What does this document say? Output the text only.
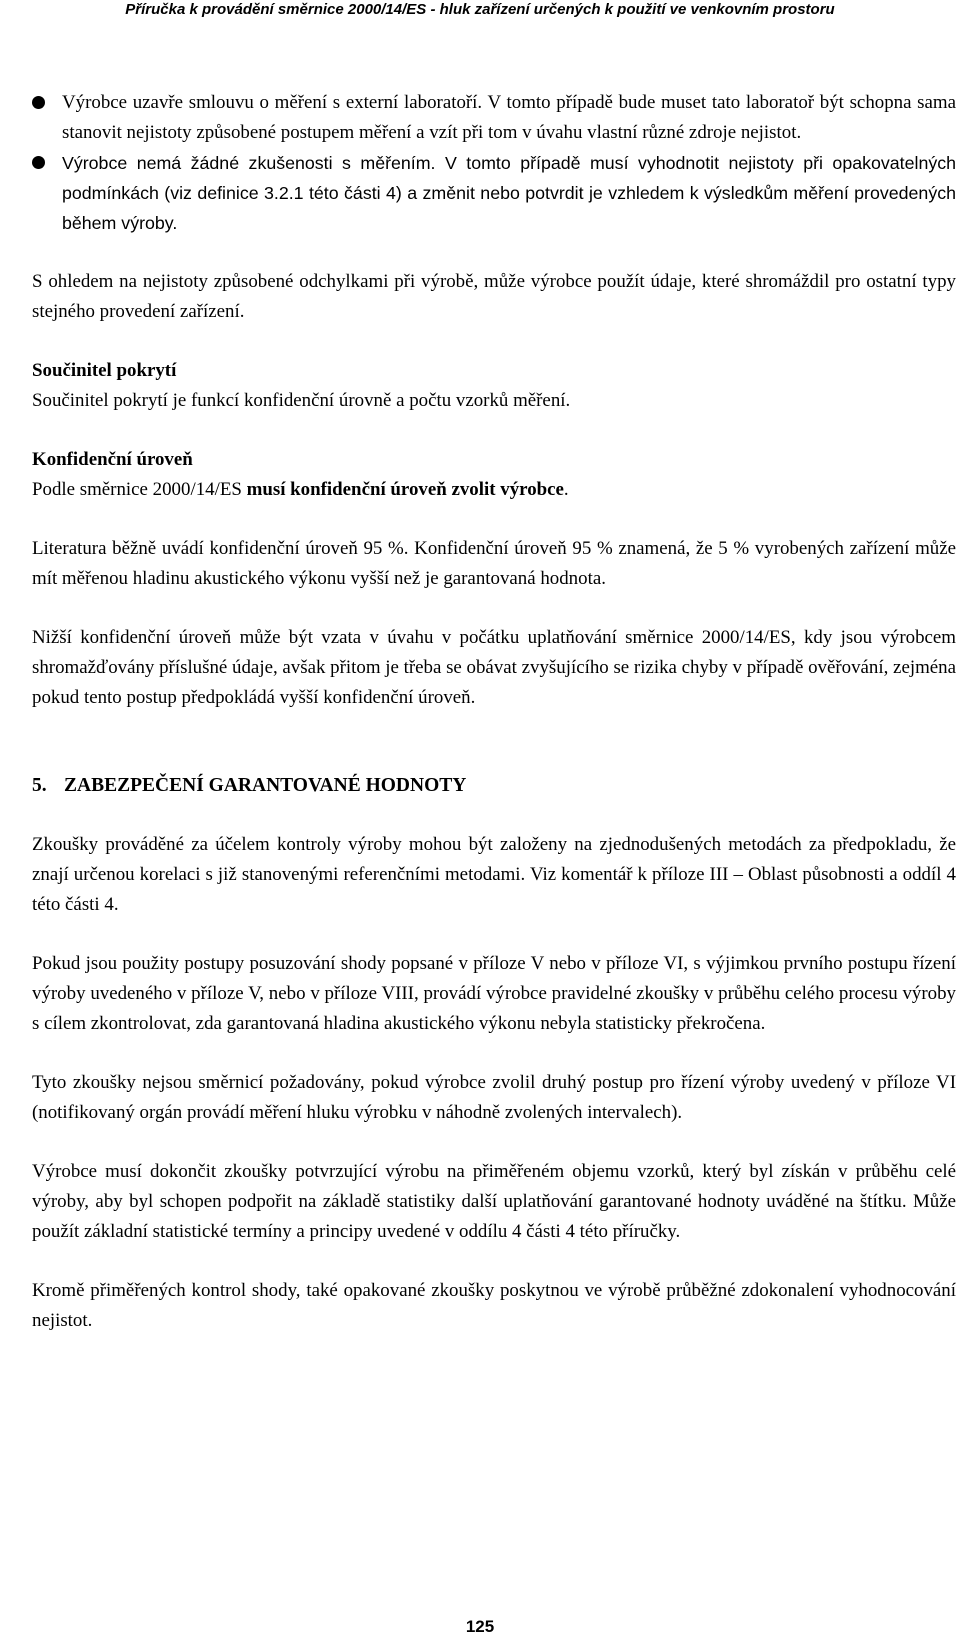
Příručka k provádění směrnice 2000/14/ES - hluk zařízení určených k použití ve venkovním prostoru
Výrobce uzavře smlouvu o měření s externí laboratoří. V tomto případě bude muset tato laboratoř být schopna sama stanovit nejistoty způsobené postupem měření a vzít při tom v úvahu vlastní různé zdroje nejistot.
Výrobce nemá žádné zkušenosti s měřením. V tomto případě musí vyhodnotit nejistoty při opakovatelných podmínkách (viz definice 3.2.1 této části 4) a změnit nebo potvrdit je vzhledem k výsledkům měření provedených během výroby.

S ohledem na nejistoty způsobené odchylkami při výrobě, může výrobce použít údaje, které shromáždil pro ostatní typy stejného provedení zařízení.

Součinitel pokrytí

Součinitel pokrytí je funkcí konfidenční úrovně a počtu vzorků měření.

Konfidenční úroveň

Podle směrnice 2000/14/ES musí konfidenční úroveň zvolit výrobce.

Literatura běžně uvádí konfidenční úroveň 95 %. Konfidenční úroveň 95 % znamená, že 5 % vyrobených zařízení může mít měřenou hladinu akustického výkonu vyšší než je garantovaná hodnota.

Nižší konfidenční úroveň může být vzata v úvahu v počátku uplatňování směrnice 2000/14/ES, kdy jsou výrobcem shromažďovány příslušné údaje, avšak přitom je třeba se obávat zvyšujícího se rizika chyby v případě ověřování, zejména pokud tento postup předpokládá vyšší konfidenční úroveň.

5. ZABEZPEČENÍ GARANTOVANÉ HODNOTY

Zkoušky prováděné za účelem kontroly výroby mohou být založeny na zjednodušených metodách za předpokladu, že znají určenou korelaci s již stanovenými referenčními metodami. Viz komentář k příloze III – Oblast působnosti a oddíl 4 této části 4.

Pokud jsou použity postupy posuzování shody popsané v příloze V nebo v příloze VI, s výjimkou prvního postupu řízení výroby uvedeného v příloze V, nebo v příloze VIII, provádí výrobce pravidelné zkoušky v průběhu celého procesu výroby s cílem zkontrolovat, zda garantovaná hladina akustického výkonu nebyla statisticky překročena.

Tyto zkoušky nejsou směrnicí požadovány, pokud výrobce zvolil druhý postup pro řízení výroby uvedený v příloze VI (notifikovaný orgán provádí měření hluku výrobku v náhodně zvolených intervalech).

Výrobce musí dokončit zkoušky potvrzující výrobu na přiměřeném objemu vzorků, který byl získán v průběhu celé výroby, aby byl schopen podpořit na základě statistiky další uplatňování garantované hodnoty uváděné na štítku. Může použít základní statistické termíny a principy uvedené v oddílu 4 části 4 této příručky.

Kromě přiměřených kontrol shody, také opakované zkoušky poskytnou ve výrobě průběžné zdokonalení vyhodnocování nejistot.

125
